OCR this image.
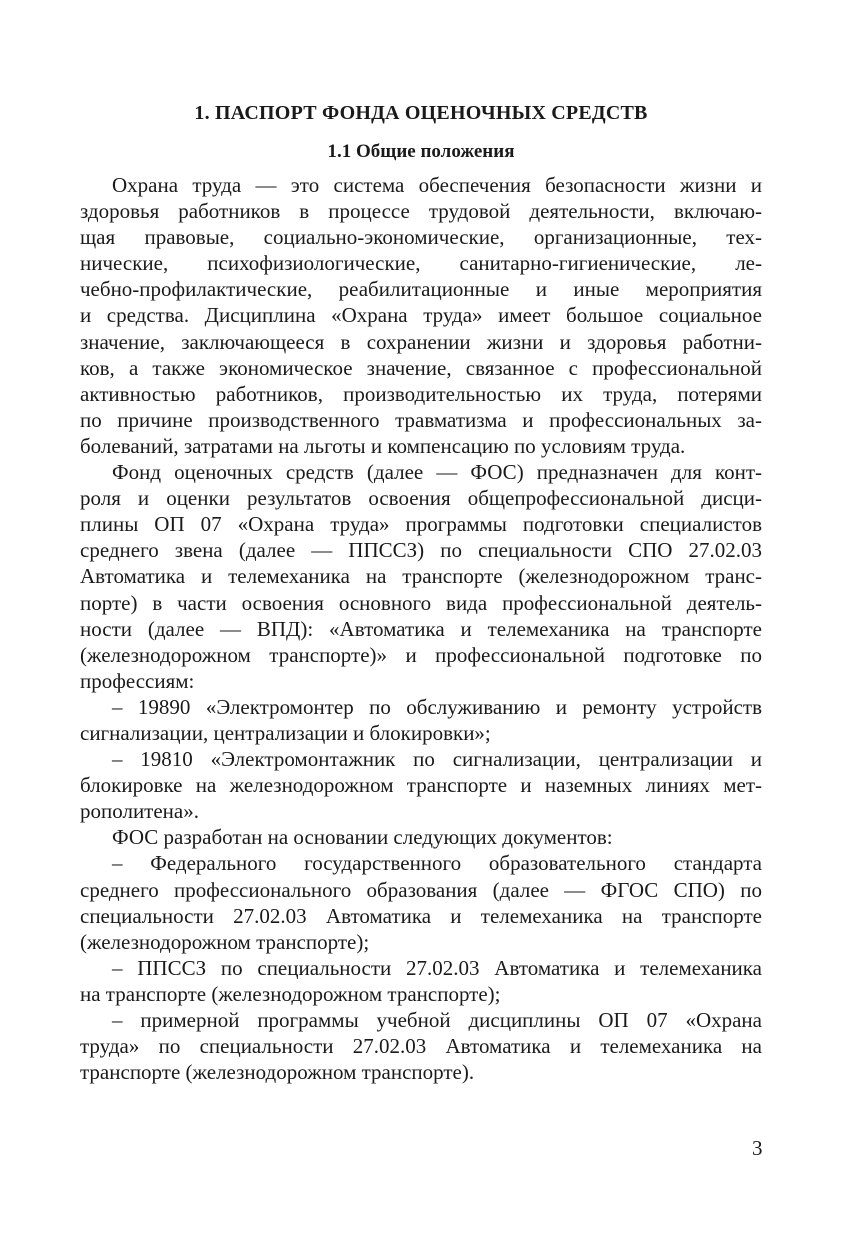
1. ПАСПОРТ ФОНДА ОЦЕНОЧНЫХ СРЕДСТВ
1.1 Общие положения
Охрана труда — это система обеспечения безопасности жизни и
здоровья работников в процессе трудовой деятельности, включаю-
щая правовые, социально-экономические, организационные, тех-
нические, психофизиологические, санитарно-гигиенические, ле-
чебно-профилактические, реабилитационные и иные мероприятия
и средства. Дисциплина «Охрана труда» имеет большое социальное
значение, заключающееся в сохранении жизни и здоровья работни-
ков, а также экономическое значение, связанное с профессиональной
активностью работников, производительностью их труда, потерями
по причине производственного травматизма и профессиональных за-
болеваний, затратами на льготы и компенсацию по условиям труда.
Фонд оценочных средств (далее — ФОС) предназначен для конт-
роля и оценки результатов освоения общепрофессиональной дисци-
плины ОП 07 «Охрана труда» программы подготовки специалистов
среднего звена (далее — ППССЗ) по специальности СПО 27.02.03
Автоматика и телемеханика на транспорте (железнодорожном транс-
порте) в части освоения основного вида профессиональной деятель-
ности (далее — ВПД): «Автоматика и телемеханика на транспорте
(железнодорожном транспорте)» и профессиональной подготовке по
профессиям:
– 19890 «Электромонтер по обслуживанию и ремонту устройств
сигнализации, централизации и блокировки»;
– 19810 «Электромонтажник по сигнализации, централизации и
блокировке на железнодорожном транспорте и наземных линиях мет-
рополитена».
ФОС разработан на основании следующих документов:
– Федерального государственного образовательного стандарта
среднего профессионального образования (далее — ФГОС СПО) по
специальности 27.02.03 Автоматика и телемеханика на транспорте
(железнодорожном транспорте);
– ППССЗ по специальности 27.02.03 Автоматика и телемеханика
на транспорте (железнодорожном транспорте);
– примерной программы учебной дисциплины ОП 07 «Охрана
труда» по специальности 27.02.03 Автоматика и телемеханика на
транспорте (железнодорожном транспорте).
3
